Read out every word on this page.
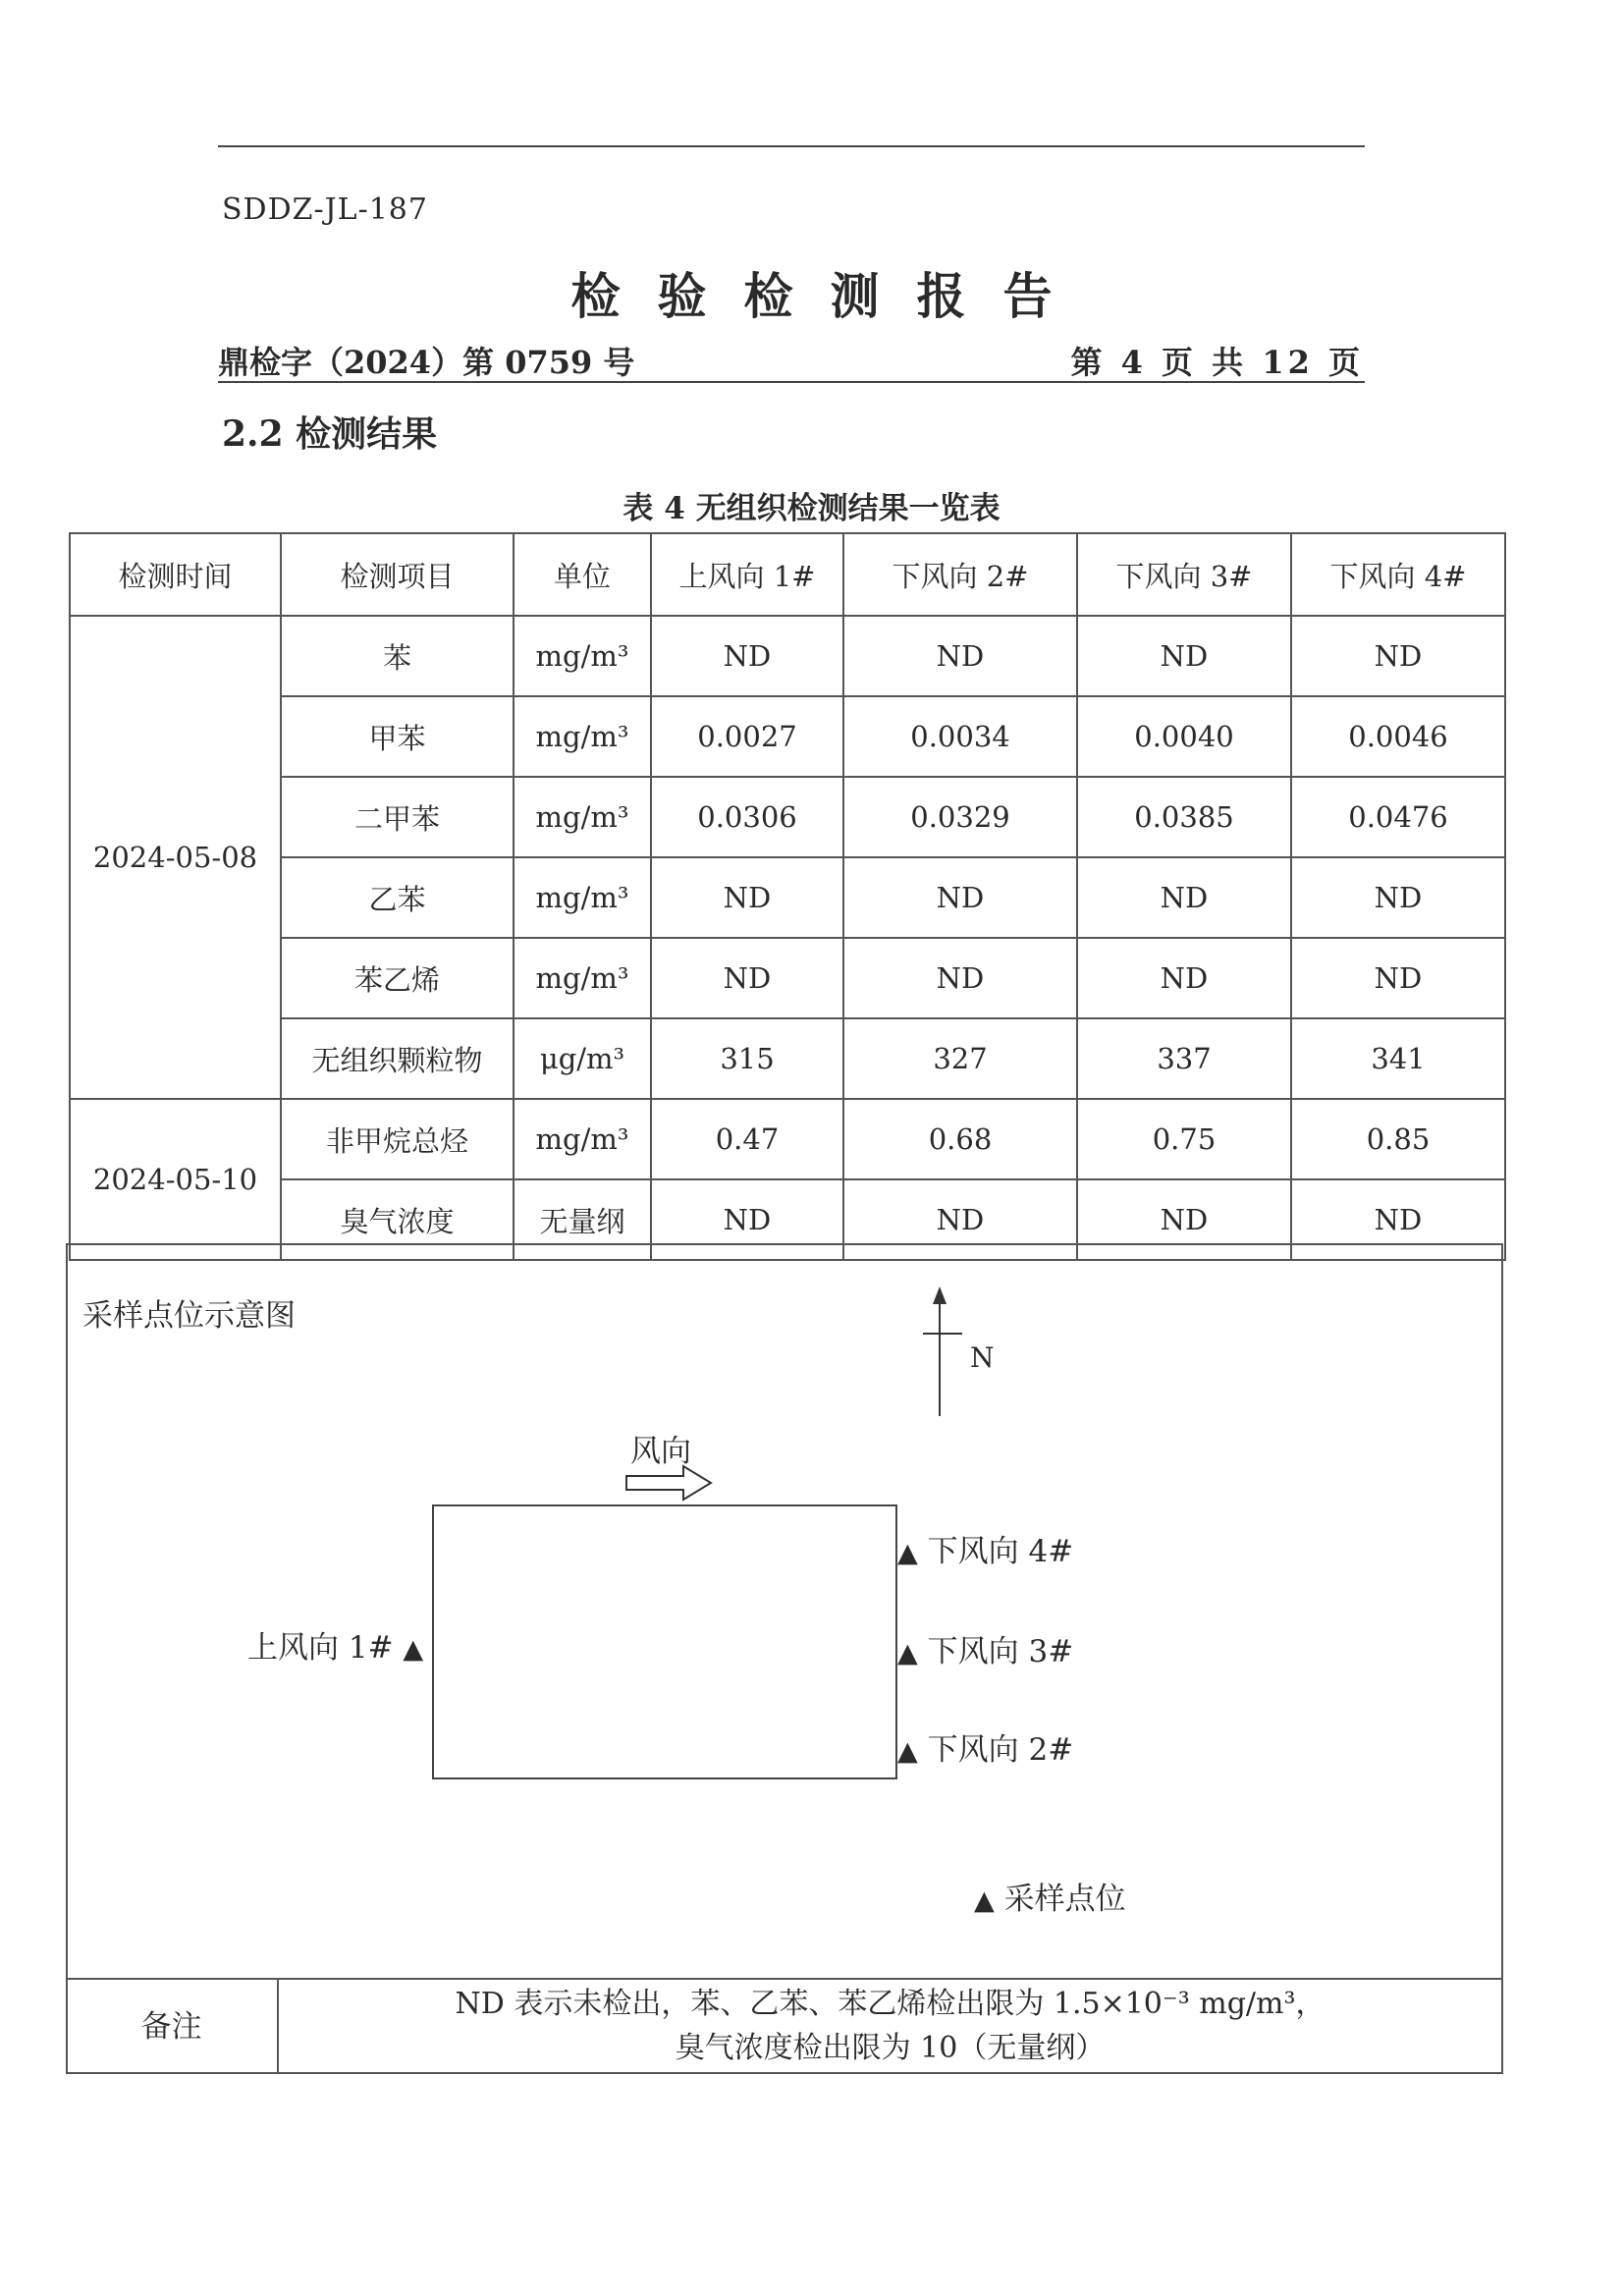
SDDZ-JL-187
检验检测报告
鼎检字（2024）第 0759 号	第 4 页 共 12 页
2.2 检测结果
表 4 无组织检测结果一览表
检测时间	检测项目	单位	上风向 1#	下风向 2#	下风向 3#	下风向 4#
2024-05-08	苯	mg/m³	ND	ND	ND	ND
	甲苯	mg/m³	0.0027	0.0034	0.0040	0.0046
	二甲苯	mg/m³	0.0306	0.0329	0.0385	0.0476
	乙苯	mg/m³	ND	ND	ND	ND
	苯乙烯	mg/m³	ND	ND	ND	ND
	无组织颗粒物	μg/m³	315	327	337	341
2024-05-10	非甲烷总烃	mg/m³	0.47	0.68	0.75	0.85
	臭气浓度	无量纲	ND	ND	ND	ND
采样点位示意图
N
风向
上风向 1# ▲
▲ 下风向 4#
▲ 下风向 3#
▲ 下风向 2#
▲ 采样点位
备注
ND 表示未检出，苯、乙苯、苯乙烯检出限为 1.5×10⁻³ mg/m³，
臭气浓度检出限为 10（无量纲）
